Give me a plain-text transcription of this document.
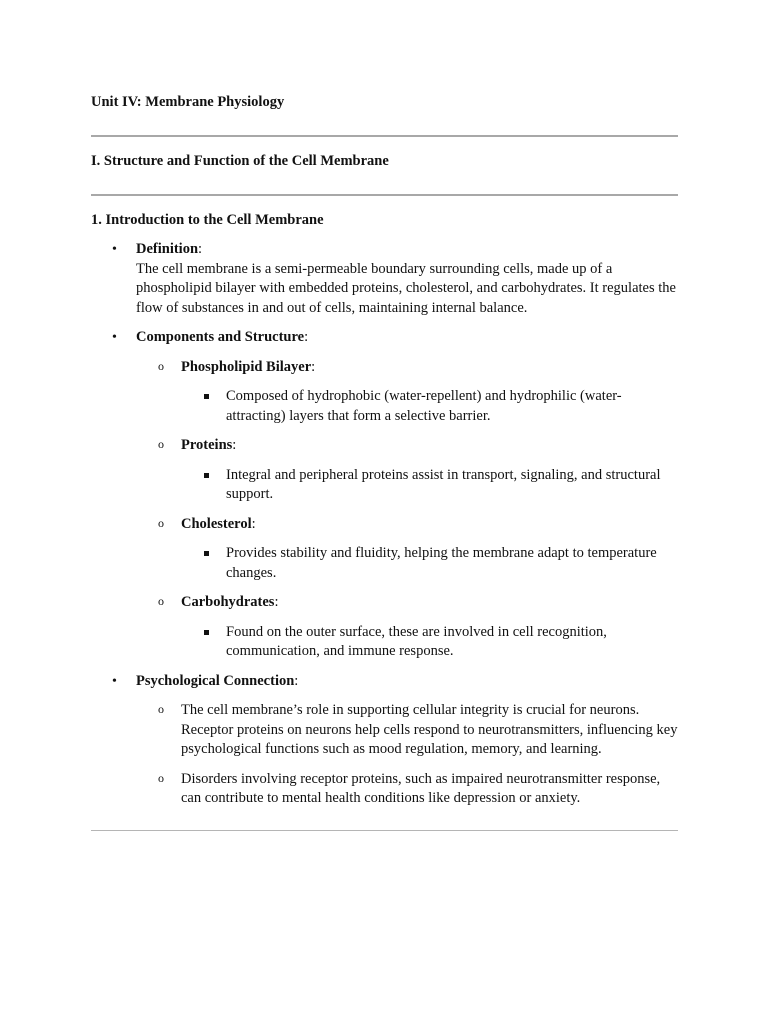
Unit IV: Membrane Physiology
I. Structure and Function of the Cell Membrane
1. Introduction to the Cell Membrane
• Definition:
The cell membrane is a semi-permeable boundary surrounding cells, made up of a phospholipid bilayer with embedded proteins, cholesterol, and carbohydrates. It regulates the flow of substances in and out of cells, maintaining internal balance.
• Components and Structure:
o Phospholipid Bilayer:
Composed of hydrophobic (water-repellent) and hydrophilic (water-attracting) layers that form a selective barrier.
o Proteins:
Integral and peripheral proteins assist in transport, signaling, and structural support.
o Cholesterol:
Provides stability and fluidity, helping the membrane adapt to temperature changes.
o Carbohydrates:
Found on the outer surface, these are involved in cell recognition, communication, and immune response.
• Psychological Connection:
o The cell membrane’s role in supporting cellular integrity is crucial for neurons. Receptor proteins on neurons help cells respond to neurotransmitters, influencing key psychological functions such as mood regulation, memory, and learning.
o Disorders involving receptor proteins, such as impaired neurotransmitter response, can contribute to mental health conditions like depression or anxiety.
